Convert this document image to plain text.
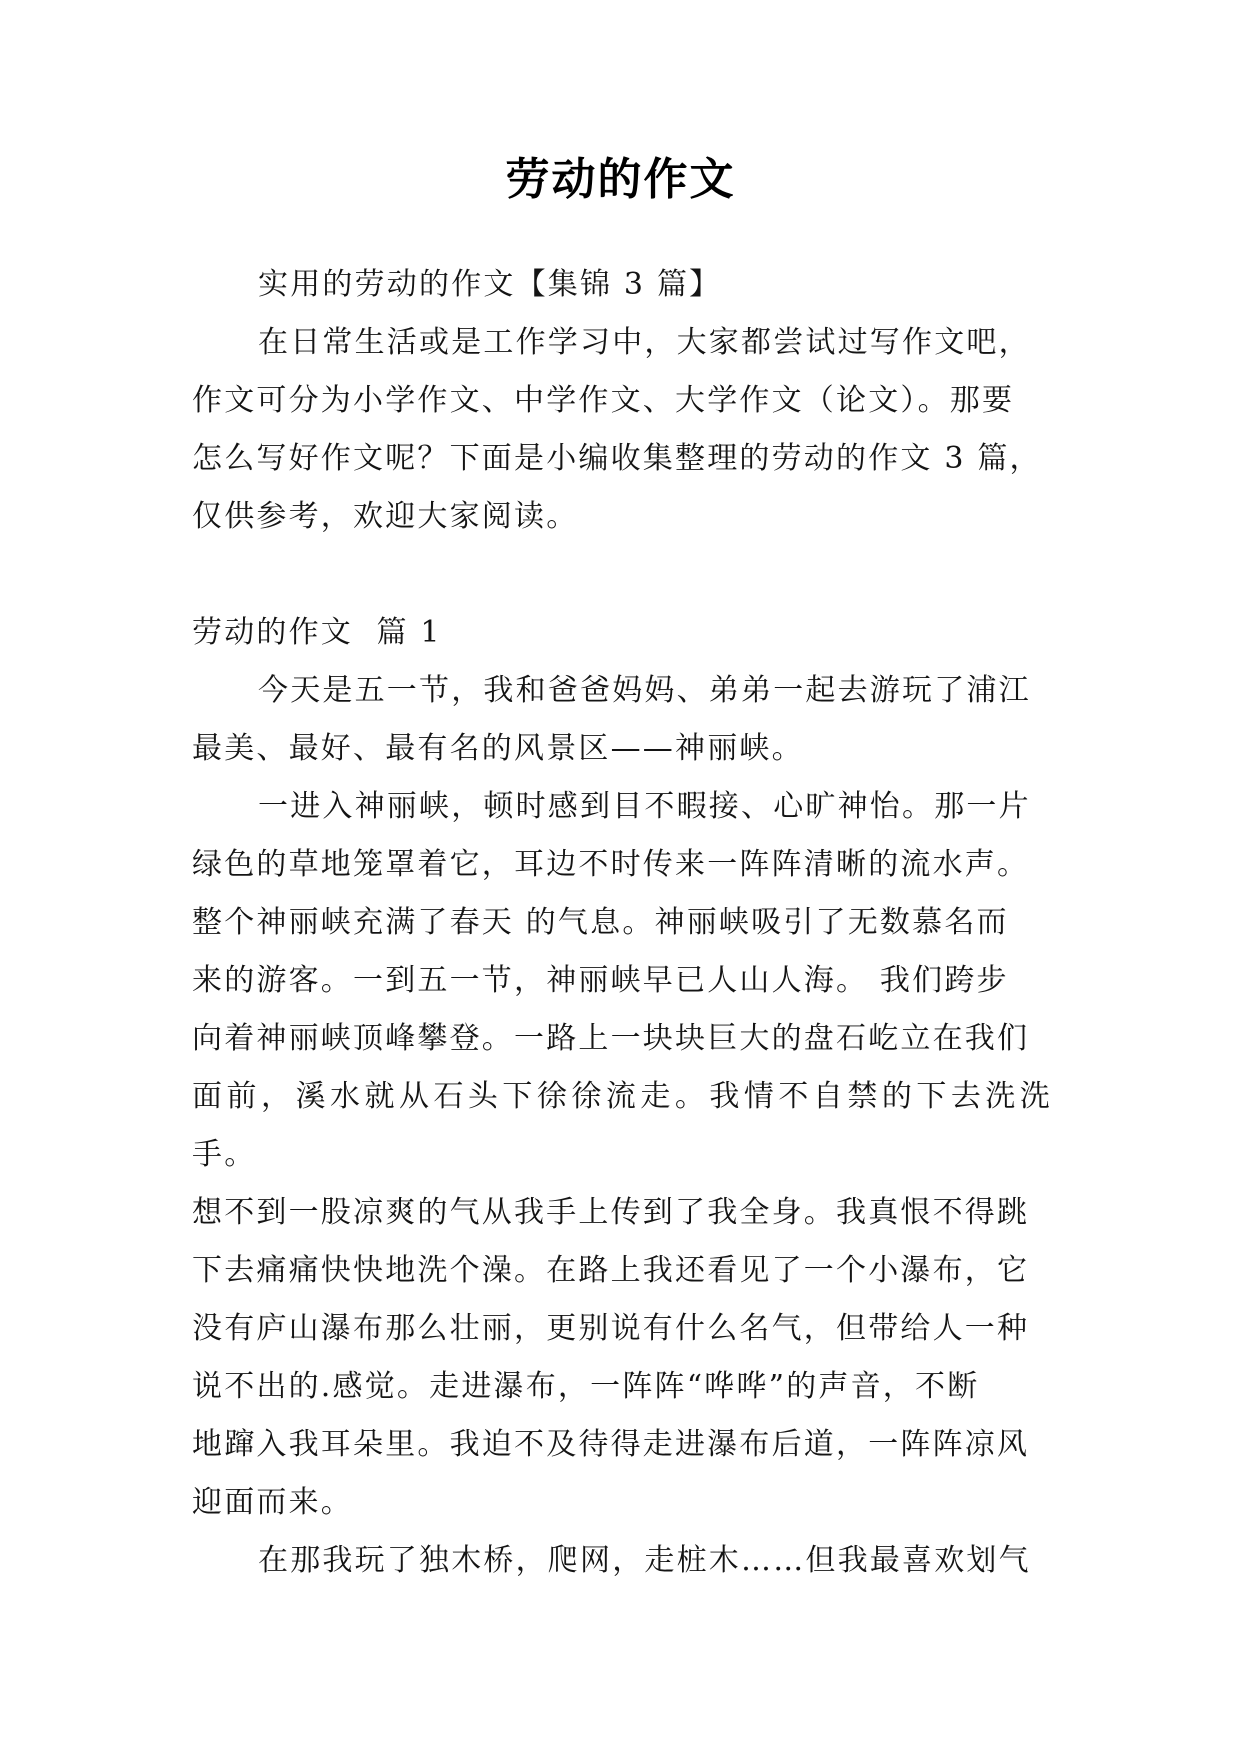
劳动的作文
实用的劳动的作文【集锦 3 篇】
在日常生活或是工作学习中，大家都尝试过写作文吧，
作文可分为小学作文、中学作文、大学作文（论文）。那要
怎么写好作文呢？下面是小编收集整理的劳动的作文 3 篇，
仅供参考，欢迎大家阅读。
劳动的作文  篇 1
今天是五一节，我和爸爸妈妈、弟弟一起去游玩了浦江
最美、最好、最有名的风景区——神丽峡。
一进入神丽峡，顿时感到目不暇接、心旷神怡。那一片
绿色的草地笼罩着它，耳边不时传来一阵阵清晰的流水声。
整个神丽峡充满了春天 的气息。神丽峡吸引了无数慕名而
来的游客。一到五一节，神丽峡早已人山人海。 我们跨步
向着神丽峡顶峰攀登。一路上一块块巨大的盘石屹立在我们
面前，溪水就从石头下徐徐流走。我情不自禁的下去洗洗手。
想不到一股凉爽的气从我手上传到了我全身。我真恨不得跳
下去痛痛快快地洗个澡。在路上我还看见了一个小瀑布，它
没有庐山瀑布那么壮丽，更别说有什么名气，但带给人一种
说不出的.感觉。走进瀑布，一阵阵“哗哗”的声音，不断
地蹿入我耳朵里。我迫不及待得走进瀑布后道，一阵阵凉风
迎面而来。
在那我玩了独木桥，爬网，走桩木……但我最喜欢划气
